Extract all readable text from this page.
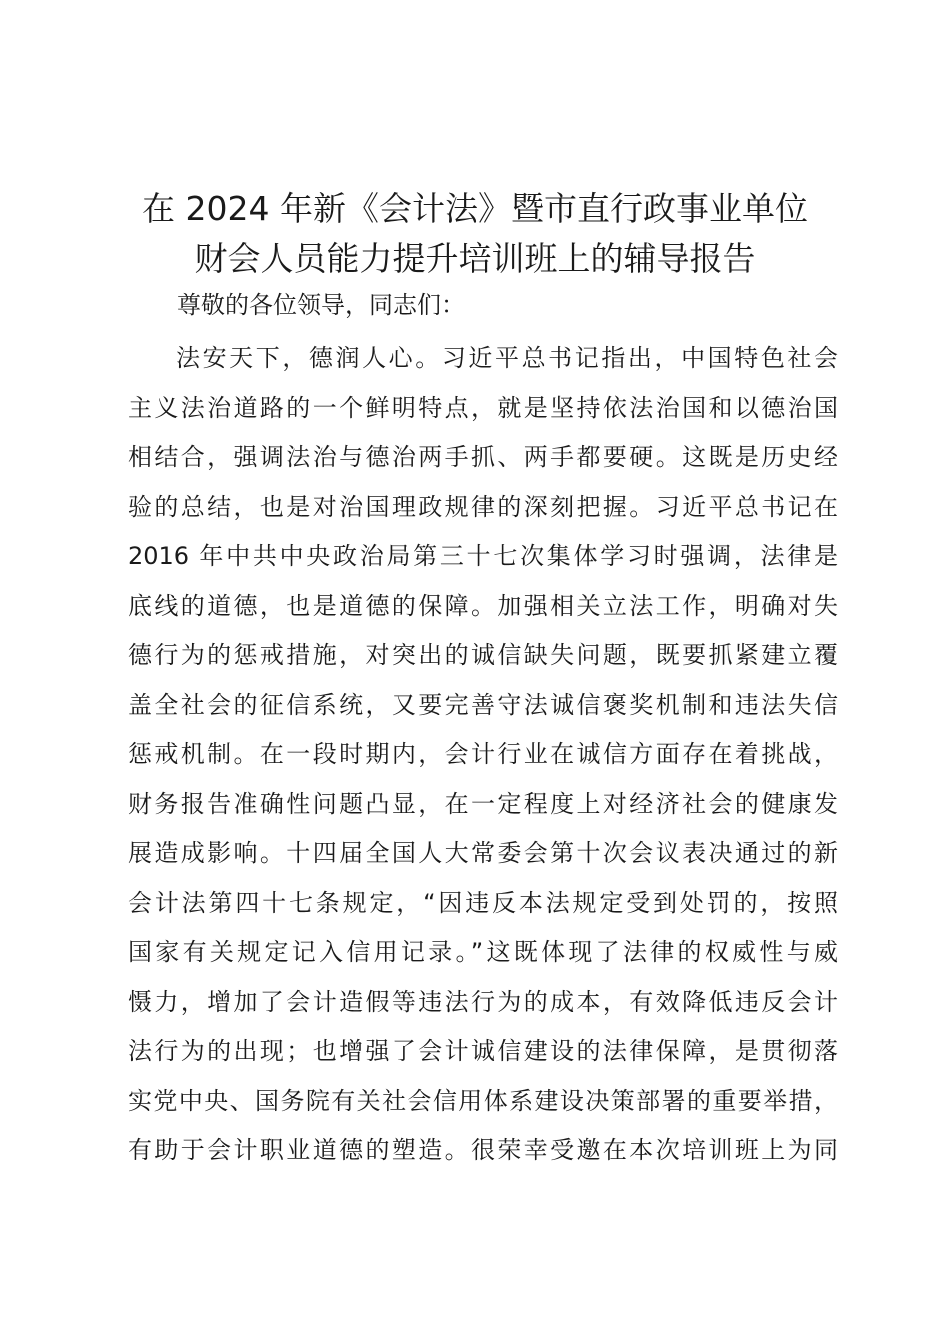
在 2024 年新《会计法》暨市直行政事业单位
财会人员能力提升培训班上的辅导报告
尊敬的各位领导，同志们：
法安天下，德润人心。习近平总书记指出，中国特色社会
主义法治道路的一个鲜明特点，就是坚持依法治国和以德治国
相结合，强调法治与德治两手抓、两手都要硬。这既是历史经
验的总结，也是对治国理政规律的深刻把握。习近平总书记在
2016 年中共中央政治局第三十七次集体学习时强调，法律是
底线的道德，也是道德的保障。加强相关立法工作，明确对失
德行为的惩戒措施，对突出的诚信缺失问题，既要抓紧建立覆
盖全社会的征信系统，又要完善守法诚信褒奖机制和违法失信
惩戒机制。在一段时期内，会计行业在诚信方面存在着挑战，
财务报告准确性问题凸显，在一定程度上对经济社会的健康发
展造成影响。十四届全国人大常委会第十次会议表决通过的新
会计法第四十七条规定，“因违反本法规定受到处罚的，按照
国家有关规定记入信用记录。”这既体现了法律的权威性与威
慑力，增加了会计造假等违法行为的成本，有效降低违反会计
法行为的出现；也增强了会计诚信建设的法律保障，是贯彻落
实党中央、国务院有关社会信用体系建设决策部署的重要举措，
有助于会计职业道德的塑造。很荣幸受邀在本次培训班上为同
